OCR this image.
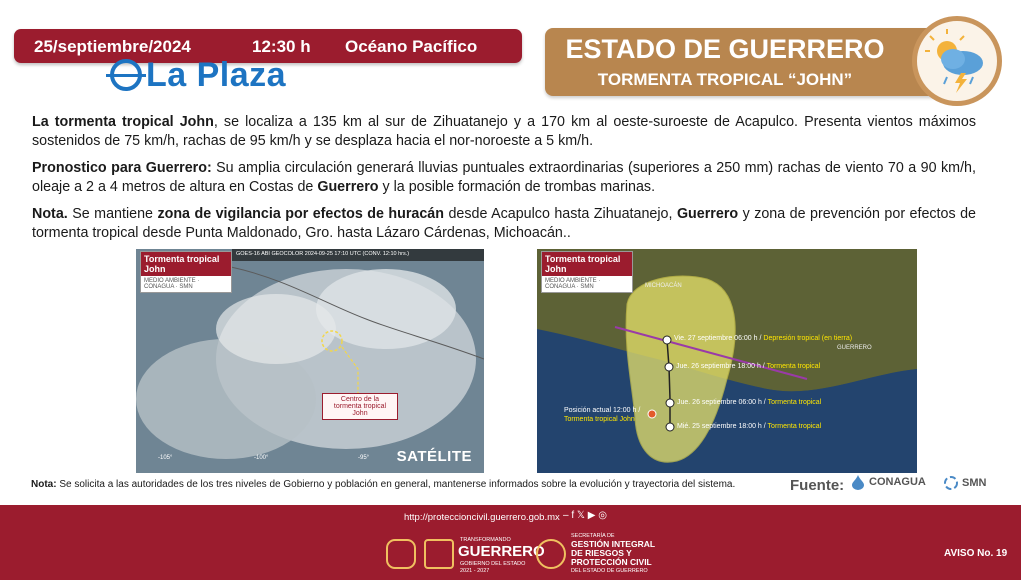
25/septiembre/2024	12:30 h Océano Pacífico
La Plaza
ESTADO DE GUERRERO
TORMENTA TROPICAL “JOHN”
La tormenta tropical John, se localiza a 135 km al sur de Zihuatanejo y a 170 km al oeste-suroeste de Acapulco. Presenta vientos máximos sostenidos de 75 km/h, rachas de 95 km/h y se desplaza hacia el nor-noroeste a 5 km/h.
Pronostico para Guerrero: Su amplia circulación generará lluvias puntuales extraordinarias (superiores a 250 mm) rachas de viento 70 a 90 km/h, oleaje a 2 a 4 metros de altura en Costas de Guerrero y la posible formación de trombas marinas.
Nota. Se mantiene zona de vigilancia por efectos de huracán desde Acapulco hasta Zihuatanejo, Guerrero y zona de prevención por efectos de tormenta tropical desde Punta Maldonado, Gro. hasta Lázaro Cárdenas, Michoacán..
GOES-16 ABI GEOCOLOR 2024-09-25 17:10 UTC (CONV. 12:10 hrs.)
Tormenta tropical
John
MEDIO AMBIENTE · CONAGUA · SMN
Centro de la
tormenta tropical
John
-105°	-100°	-95° SATÉLITE
Tormenta tropical
John
MEDIO AMBIENTE · CONAGUA · SMN	MICHOACÁN
GUERRERO
Vie. 27 septiembre 06:00 h / Depresión tropical (en tierra)
Jue. 26 septiembre 18:00 h / Tormenta tropical
Jue. 26 septiembre 06:00 h / Tormenta tropical
Mié. 25 septiembre 18:00 h / Tormenta tropical
Posición actual 12:00 h /
Tormenta tropical John
Nota: Se solicita a las autoridades de los tres niveles de Gobierno y población en general, mantenerse informados sobre la evolución y trayectoria del sistema.	Fuente: CONAGUA	SMN
http://proteccioncivil.guerrero.gob.mx – f 𝕏 ▶ ◎
TRANSFORMANDO
GUERRERO
GOBIERNO DEL ESTADO
2021 - 2027
SECRETARÍA DE
GESTIÓN INTEGRAL
DE RIESGOS Y
PROTECCIÓN CIVIL
DEL ESTADO DE GUERRERO
AVISO No. 19
